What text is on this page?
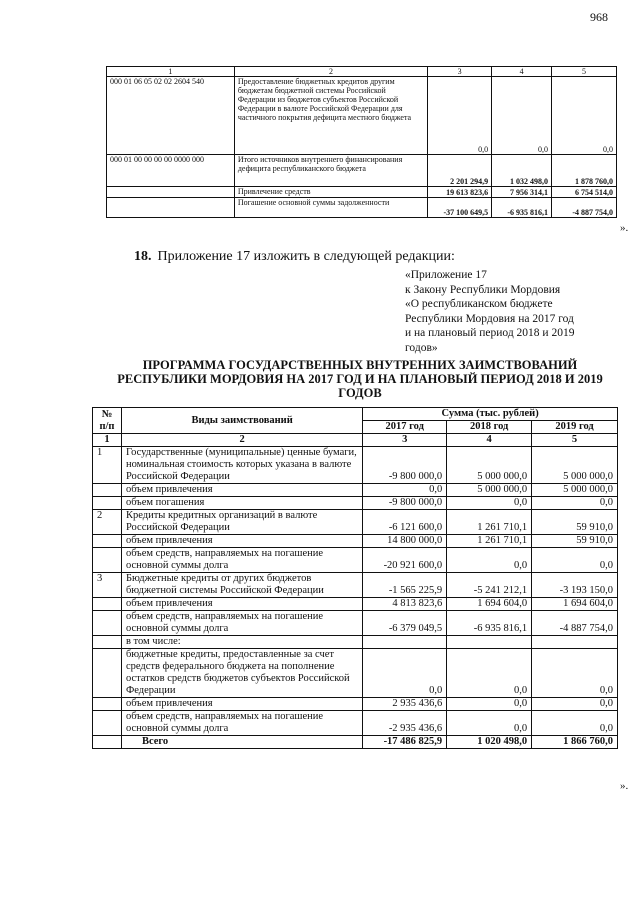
968
1	2	3	4	5
000 01 06 05 02 02 2604 540	Предоставление бюджетных кредитов другим бюджетам бюджетной системы Российской Федерации из бюджетов субъектов Российской Федерации в валюте Российской Федерации для частичного покрытия дефицита местного бюджета	0,0	0,0	0,0
000 01 00 00 00 00 0000 000	Итого источников внутреннего финансирования дефицита республиканского бюджета	2 201 294,9	1 032 498,0	1 878 760,0
	Привлечение средств	19 613 823,6	7 956 314,1	6 754 514,0
	Погашение основной суммы задолженности	-37 100 649,5	-6 935 816,1	-4 887 754,0
».
18. Приложение 17 изложить в следующей редакции:
«Приложение 17
к Закону Республики Мордовия
«О республиканском бюджете
Республики Мордовия на 2017 год
и на плановый период 2018 и 2019
годов»
ПРОГРАММА ГОСУДАРСТВЕННЫХ ВНУТРЕННИХ ЗАИМСТВОВАНИЙ
РЕСПУБЛИКИ МОРДОВИЯ НА 2017 ГОД И НА ПЛАНОВЫЙ ПЕРИОД 2018 И 2019
ГОДОВ
№ п/п	Виды заимствований	Сумма (тыс. рублей)		
		2017 год	2018 год	2019 год
1	2	3	4	5
1	Государственные (муниципальные) ценные бумаги, номинальная стоимость которых указана в валюте Российской Федерации	-9 800 000,0	5 000 000,0	5 000 000,0
	объем привлечения	0,0	5 000 000,0	5 000 000,0
	объем погашения	-9 800 000,0	0,0	0,0
2	Кредиты кредитных организаций в валюте Российской Федерации	-6 121 600,0	1 261 710,1	59 910,0
	объем привлечения	14 800 000,0	1 261 710,1	59 910,0
	объем средств, направляемых на погашение основной суммы долга	-20 921 600,0	0,0	0,0
3	Бюджетные кредиты от других бюджетов бюджетной системы Российской Федерации	-1 565 225,9	-5 241 212,1	-3 193 150,0
	объем привлечения	4 813 823,6	1 694 604,0	1 694 604,0
	объем средств, направляемых на погашение основной суммы долга	-6 379 049,5	-6 935 816,1	-4 887 754,0
	в том числе:			
	бюджетные кредиты, предоставленные за счет средств федерального бюджета на пополнение остатков средств бюджетов субъектов Российской Федерации	0,0	0,0	0,0
	объем привлечения	2 935 436,6	0,0	0,0
	объем средств, направляемых на погашение основной суммы долга	-2 935 436,6	0,0	0,0
	Всего	-17 486 825,9	1 020 498,0	1 866 760,0
».
